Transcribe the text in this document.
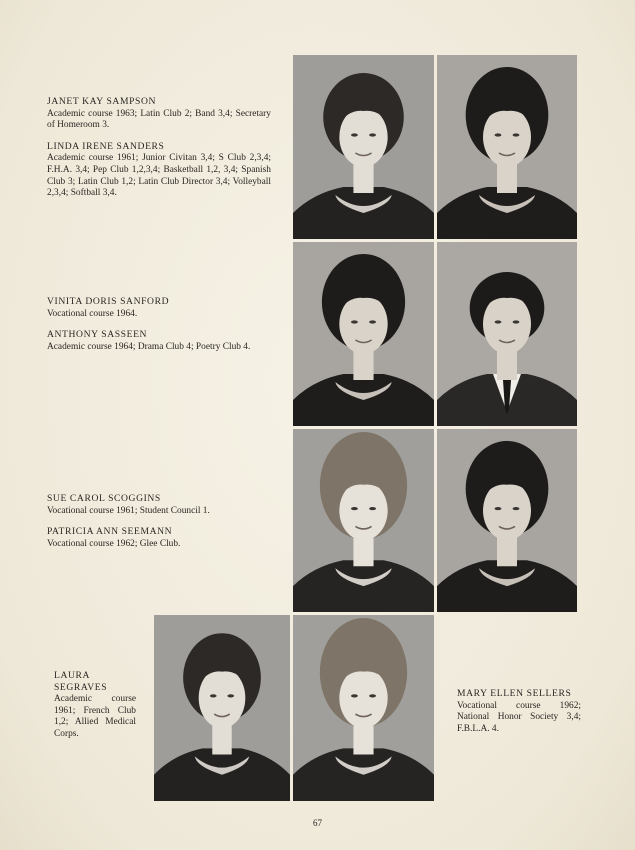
JANET KAY SAMPSON
Academic course 1963; Latin Club 2; Band 3,4; Secretary of Homeroom 3.
LINDA IRENE SANDERS
Academic course 1961; Junior Civitan 3,4; S Club 2,3,4; F.H.A. 3,4; Pep Club 1,2,3,4; Basketball 1,2, 3,4; Spanish Club 3; Latin Club 1,2; Latin Club Director 3,4; Volleyball 2,3,4; Softball 3,4.
VINITA DORIS SANFORD
Vocational course 1964.
ANTHONY SASSEEN
Academic course 1964; Drama Club 4; Poetry Club 4.
SUE CAROL SCOGGINS
Vocational course 1961; Student Council 1.
PATRICIA ANN SEEMANN
Vocational course 1962; Glee Club.
LAURA SEGRAVES
Academic course 1961; French Club 1,2; Allied Medical Corps.
MARY ELLEN SELLERS
Vocational course 1962; National Honor Society 3,4; F.B.L.A. 4.
67
